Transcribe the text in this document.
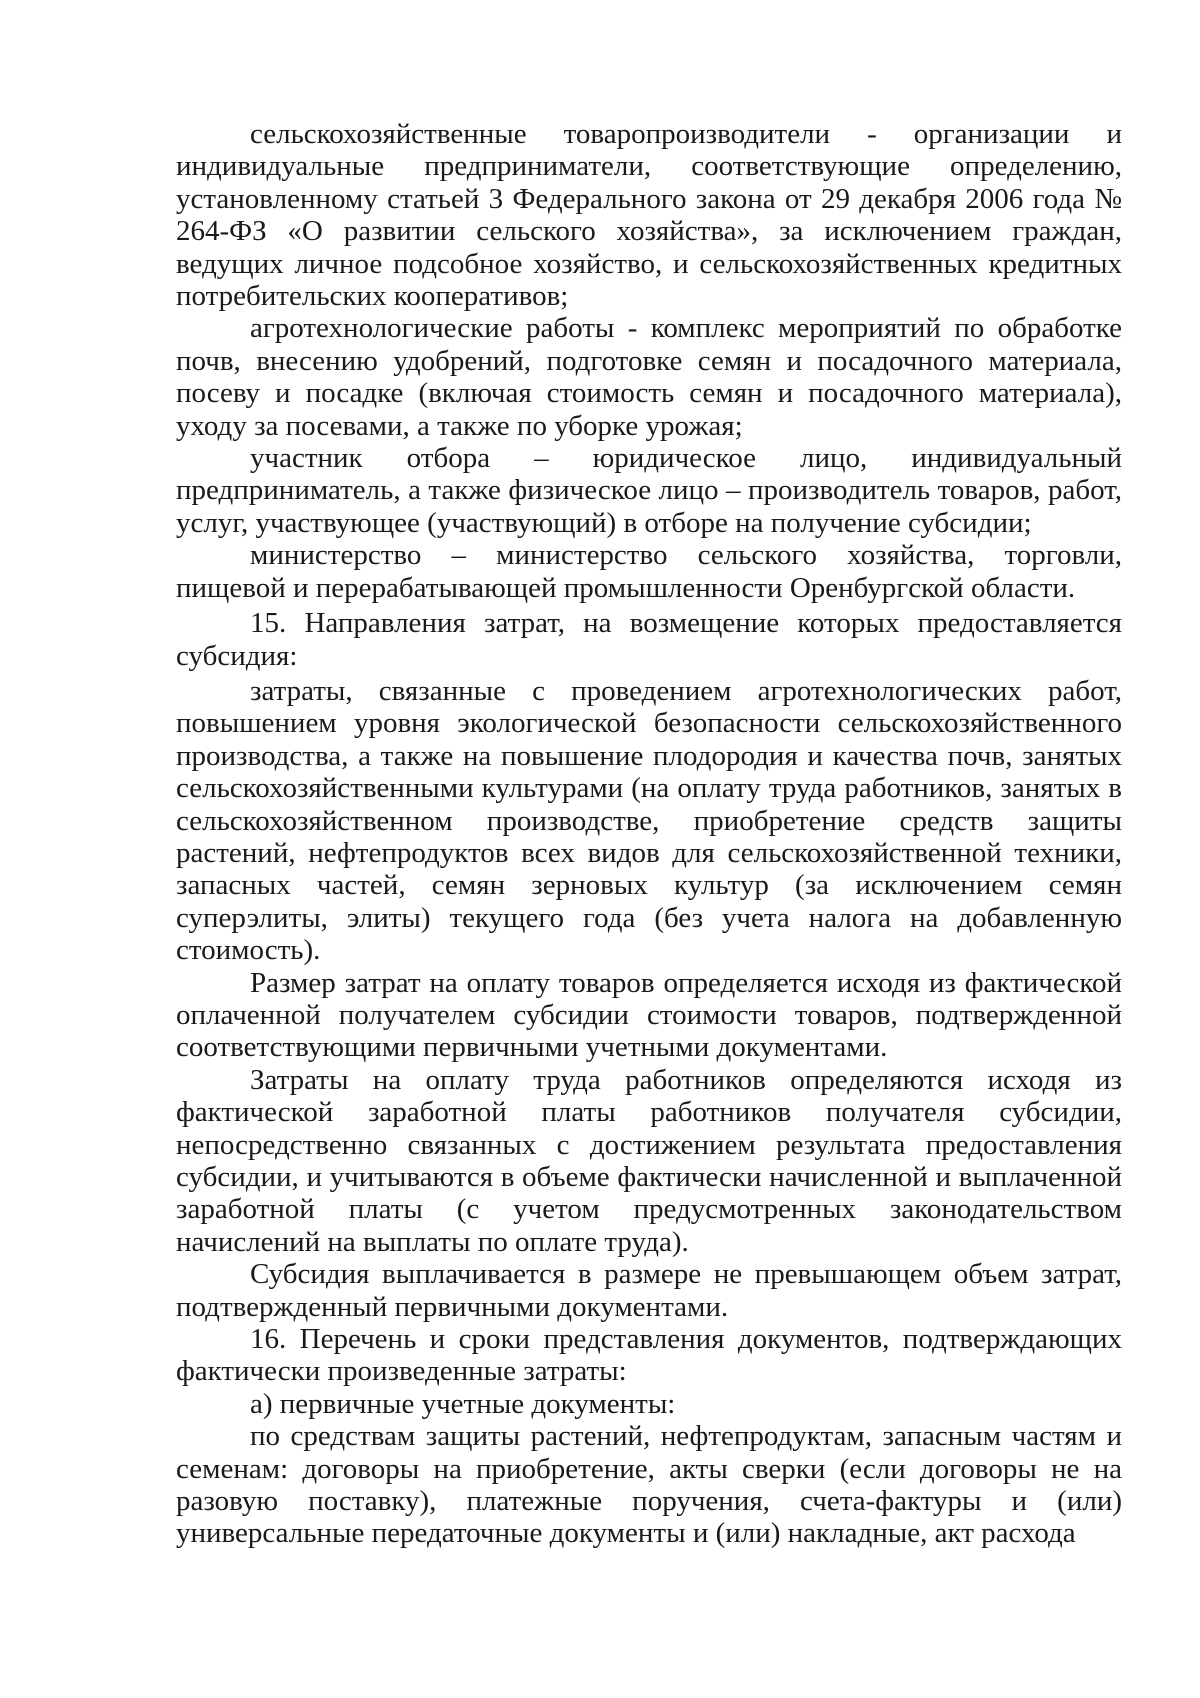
сельскохозяйственные товаропроизводители - организации и индивидуальные предприниматели, соответствующие определению, установленному статьей 3 Федерального закона от 29 декабря 2006 года № 264-ФЗ «О развитии сельского хозяйства», за исключением граждан, ведущих личное подсобное хозяйство, и сельскохозяйственных кредитных потребительских кооперативов;

агротехнологические работы - комплекс мероприятий по обработке почв, внесению удобрений, подготовке семян и посадочного материала, посеву и посадке (включая стоимость семян и посадочного материала), уходу за посевами, а также по уборке урожая;

участник отбора – юридическое лицо, индивидуальный предприниматель, а также физическое лицо – производитель товаров, работ, услуг, участвующее (участвующий) в отборе на получение субсидии;

министерство – министерство сельского хозяйства, торговли, пищевой и перерабатывающей промышленности Оренбургской области.

15. Направления затрат, на возмещение которых предоставляется субсидия:

затраты, связанные с проведением агротехнологических работ, повышением уровня экологической безопасности сельскохозяйственного производства, а также на повышение плодородия и качества почв, занятых сельскохозяйственными культурами (на оплату труда работников, занятых в сельскохозяйственном производстве, приобретение средств защиты растений, нефтепродуктов всех видов для сельскохозяйственной техники, запасных частей, семян зерновых культур (за исключением семян суперэлиты, элиты) текущего года (без учета налога на добавленную стоимость).

Размер затрат на оплату товаров определяется исходя из фактической оплаченной получателем субсидии стоимости товаров, подтвержденной соответствующими первичными учетными документами.

Затраты на оплату труда работников определяются исходя из фактической заработной платы работников получателя субсидии, непосредственно связанных с достижением результата предоставления субсидии, и учитываются в объеме фактически начисленной и выплаченной заработной платы (с учетом предусмотренных законодательством начислений на выплаты по оплате труда).

Субсидия выплачивается в размере не превышающем объем затрат, подтвержденный первичными документами.

16. Перечень и сроки представления документов, подтверждающих фактически произведенные затраты:

а) первичные учетные документы:

по средствам защиты растений, нефтепродуктам, запасным частям и семенам: договоры на приобретение, акты сверки (если договоры не на разовую поставку), платежные поручения, счета-фактуры и (или) универсальные передаточные документы и (или) накладные, акт расхода
